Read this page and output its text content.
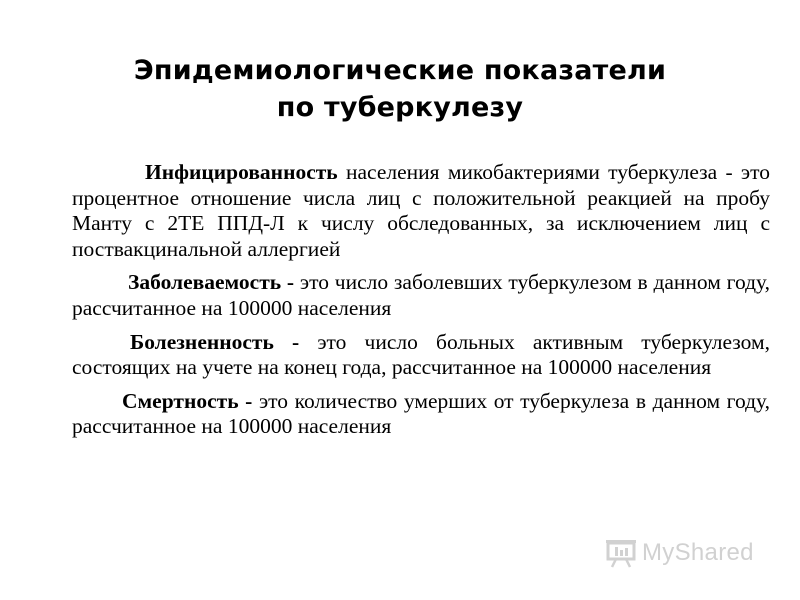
Эпидемиологические показатели
по туберкулезу

Инфицированность населения микобактериями туберкулеза - это процентное отношение числа лиц с положительной реакцией на пробу Манту с 2ТЕ ППД-Л к числу обследованных, за исключением лиц с поствакцинальной аллергией

Заболеваемость - это число заболевших туберкулезом в данном году, рассчитанное на 100000 населения

Болезненность - это число больных активным туберкулезом, состоящих на учете на конец года, рассчитанное на 100000 населения

Смертность - это количество умерших от туберкулеза в данном году, рассчитанное на 100000 населения

MyShared
